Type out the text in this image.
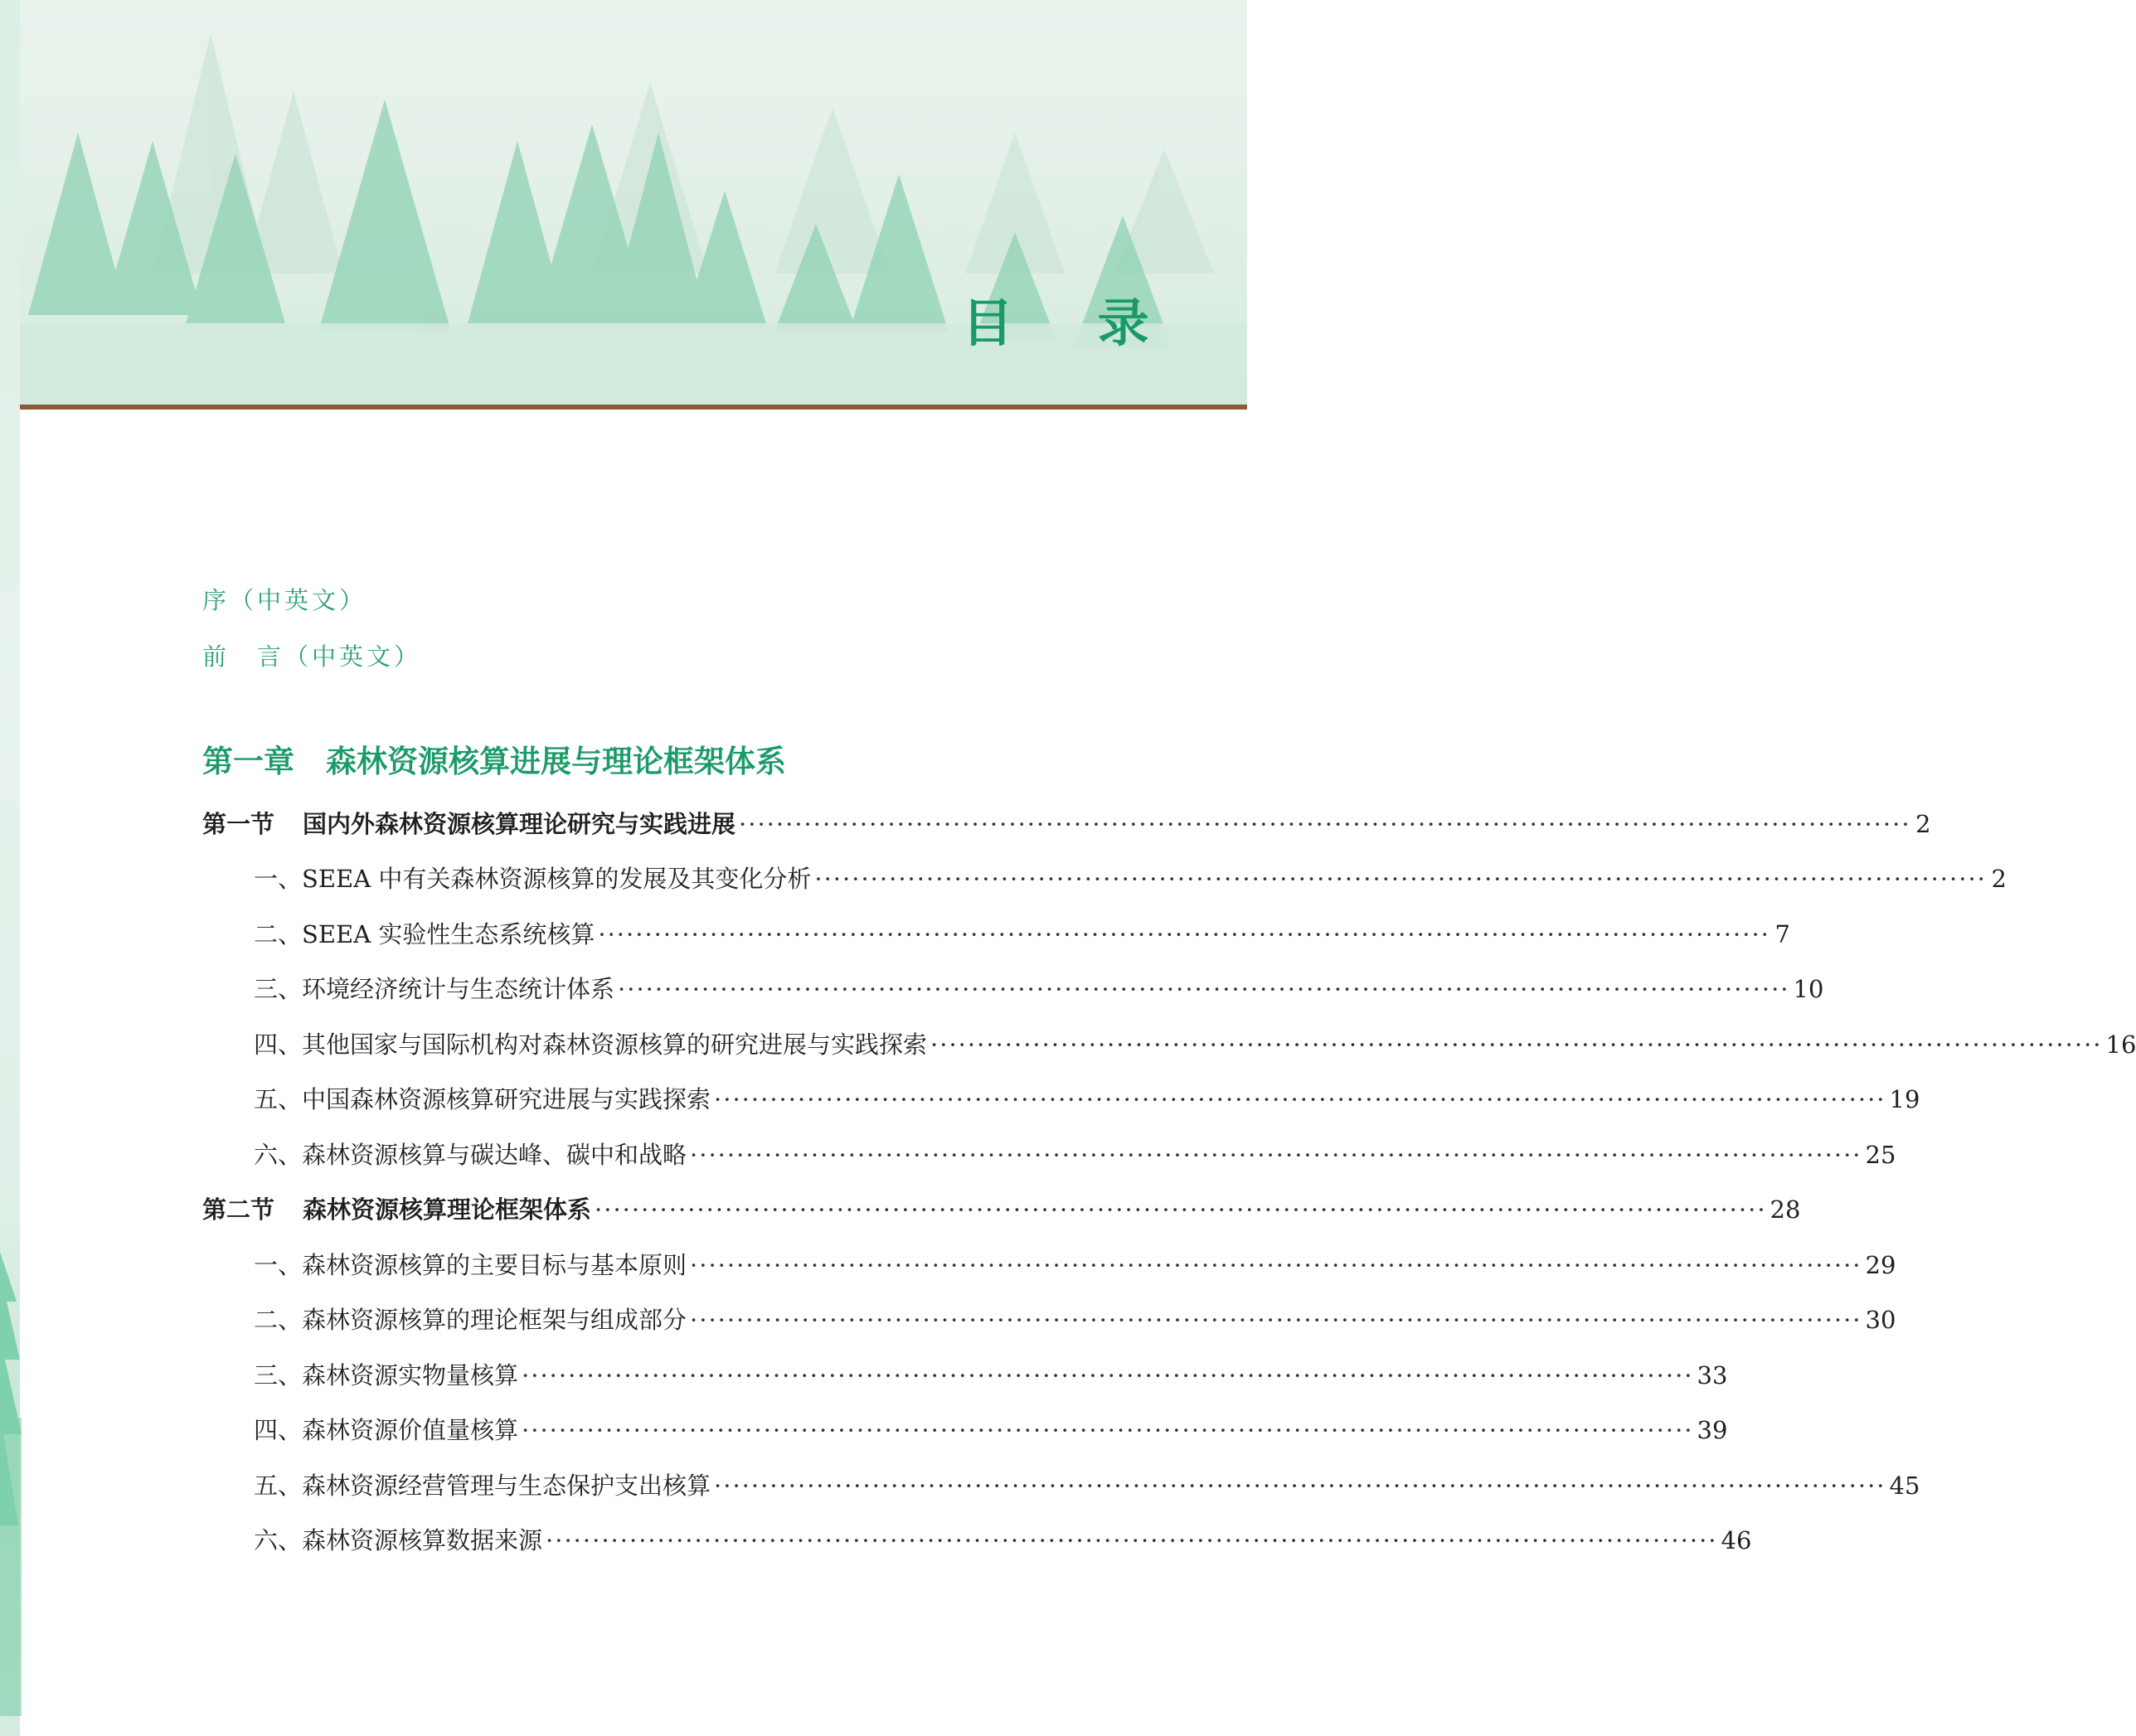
目 录
序（中英文）
前　言（中英文）
第一章 森林资源核算进展与理论框架体系
第一节 国内外森林资源核算理论研究与实践进展 ······························································································································ 2
一、SEEA 中有关森林资源核算的发展及其变化分析 ······························································································································ 2
二、SEEA 实验性生态系统核算 ······························································································································ 7
三、环境经济统计与生态统计体系 ······························································································································ 10
四、其他国家与国际机构对森林资源核算的研究进展与实践探索 ······························································································································ 16
五、中国森林资源核算研究进展与实践探索 ······························································································································ 19
六、森林资源核算与碳达峰、碳中和战略 ······························································································································ 25
第二节 森林资源核算理论框架体系 ······························································································································ 28
一、森林资源核算的主要目标与基本原则 ······························································································································ 29
二、森林资源核算的理论框架与组成部分 ······························································································································ 30
三、森林资源实物量核算 ······························································································································ 33
四、森林资源价值量核算 ······························································································································ 39
五、森林资源经营管理与生态保护支出核算 ······························································································································ 45
六、森林资源核算数据来源 ······························································································································ 46
